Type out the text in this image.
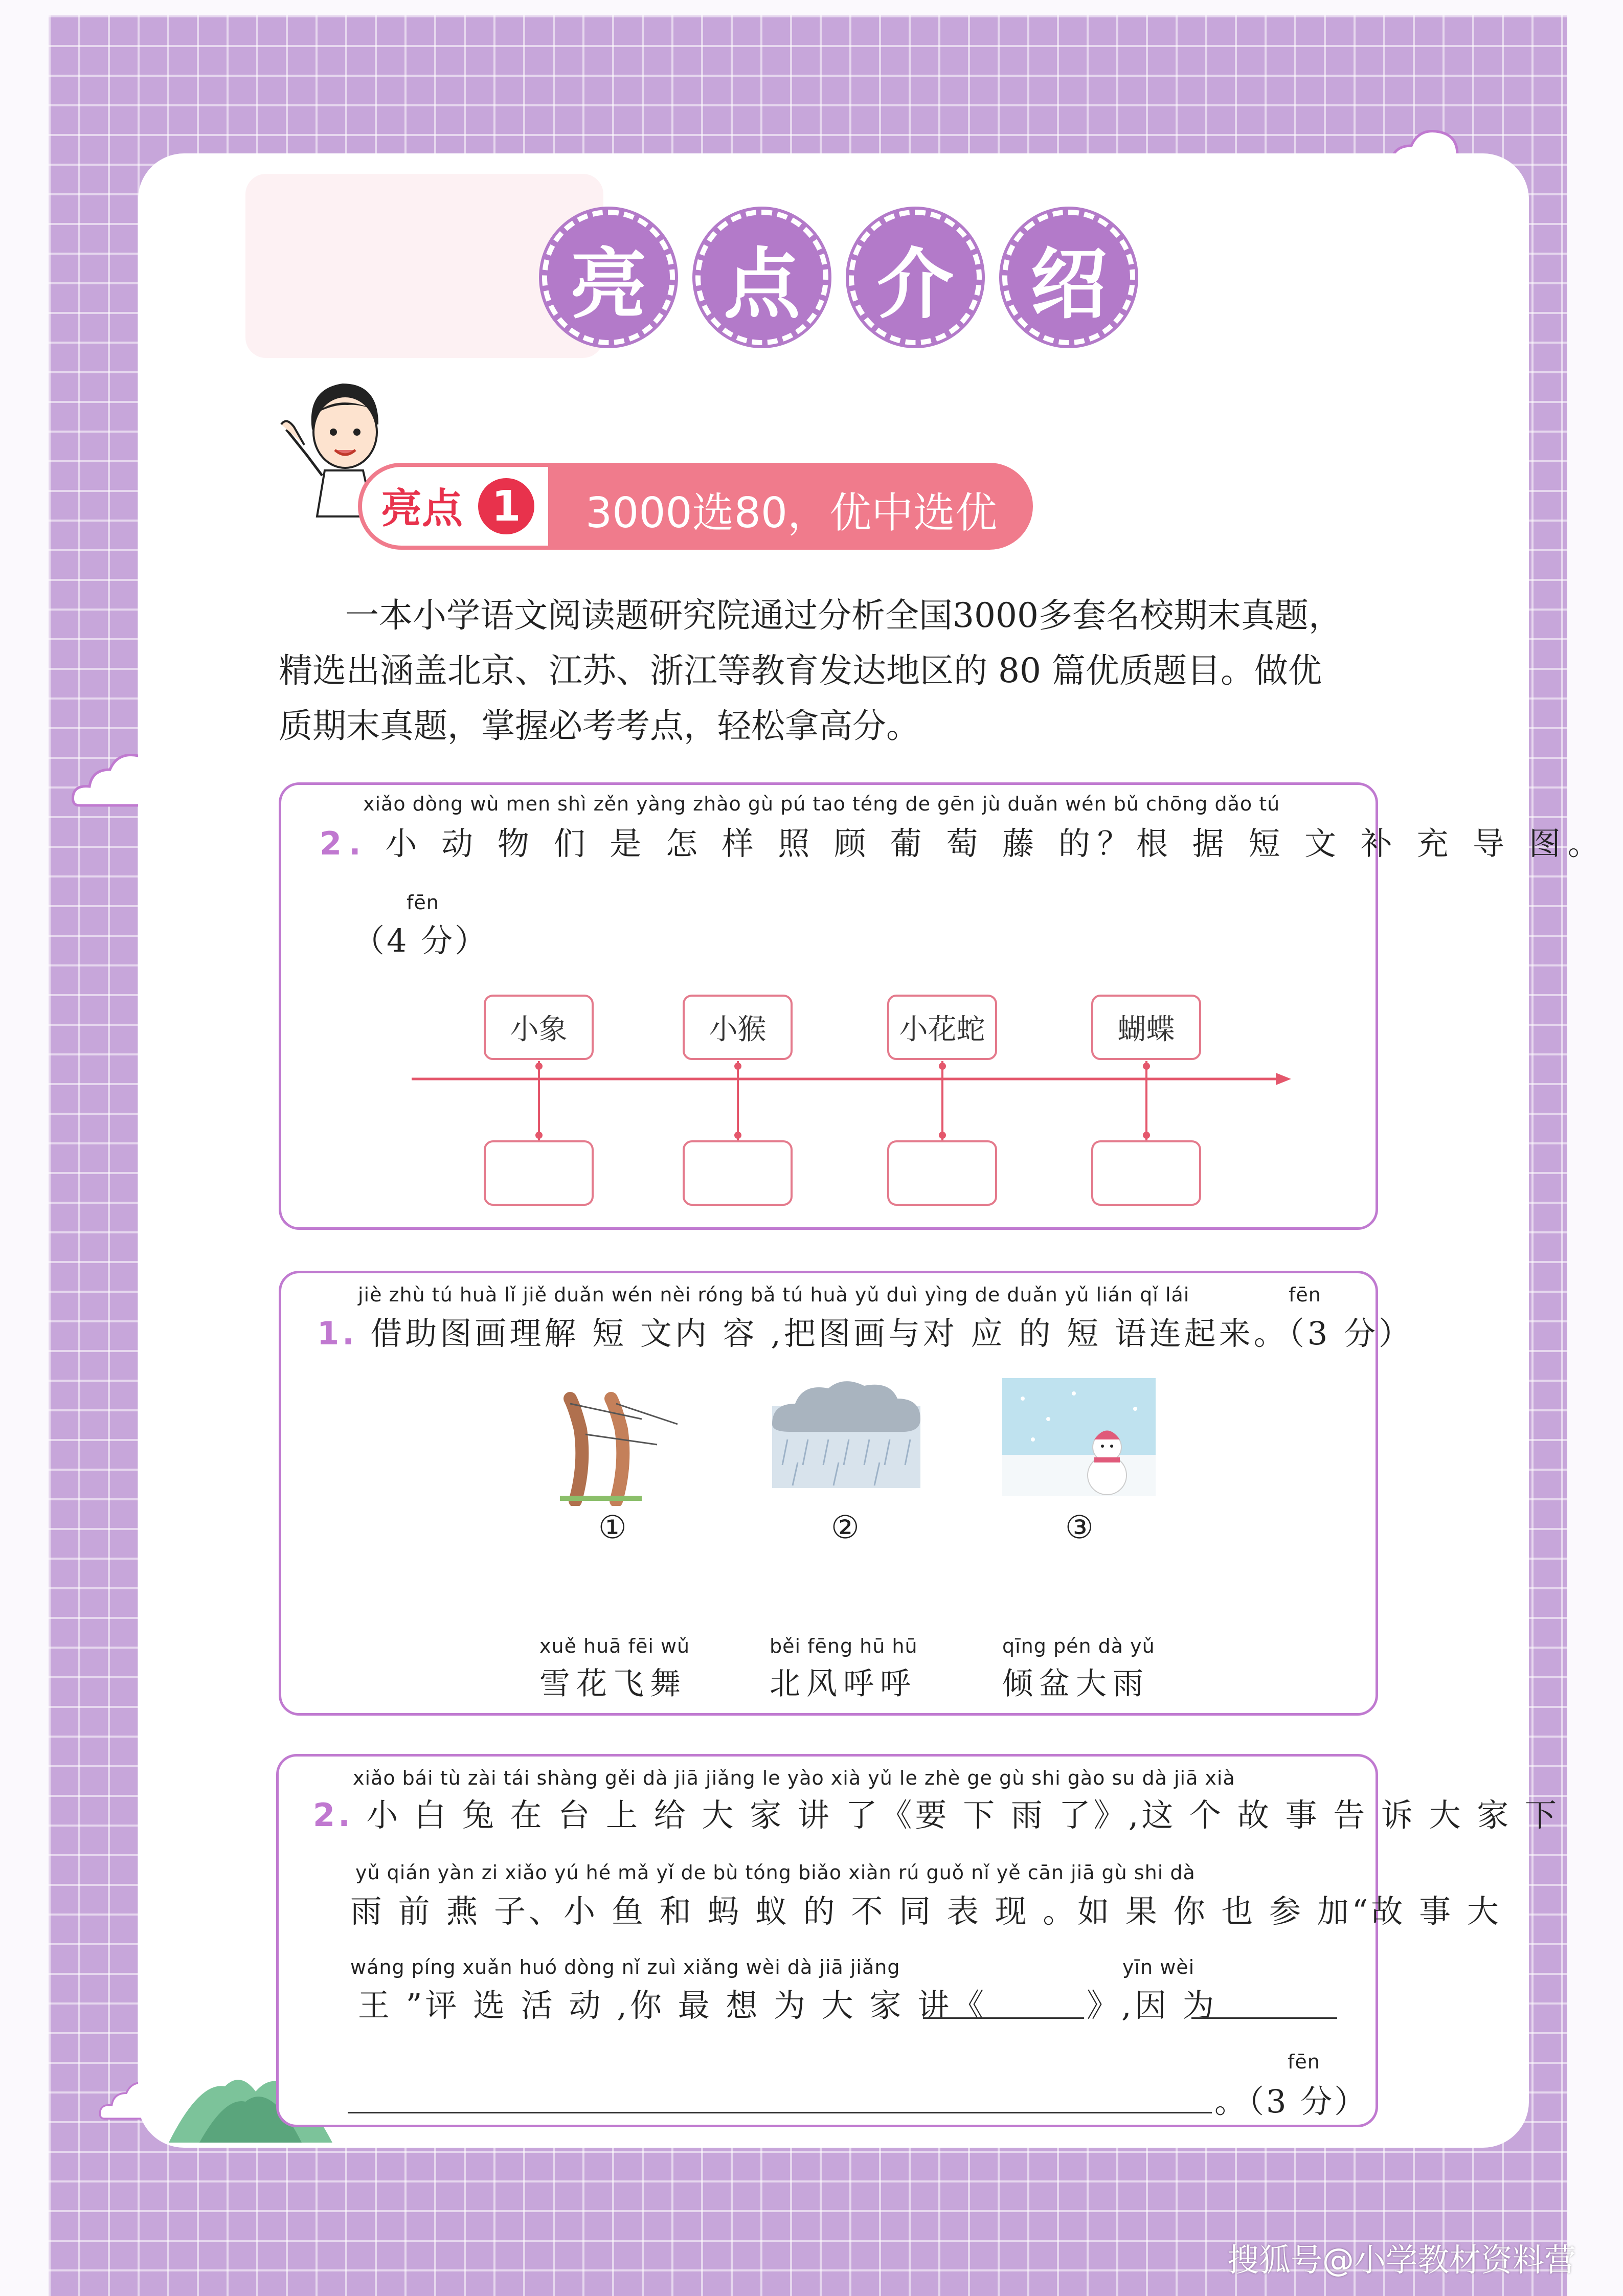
亮 点 介 绍
亮点 1	3000选80，优中选优

一本小学语文阅读题研究院通过分析全国3000多套名校期末真题，

精选出涵盖北京、江苏、浙江等教育发达地区的 80 篇优质题目。做优

质期末真题，掌握必考考点，轻松拿高分。

xiǎo dòng wù men shì zěn yàng zhào gù pú tao téng de gēn jù duǎn wén bǔ chōng dǎo tú
2. 小 动 物 们 是 怎 样 照 顾 葡 萄 藤 的？根 据 短 文 补 充 导 图。
fēn
（4 分）
小象	小猴	小花蛇	蝴蝶
jiè zhù tú huà lǐ jiě duǎn wén nèi róng bǎ tú huà yǔ duì yìng de duǎn yǔ lián qǐ lái	fēn
1. 借助图画理解 短 文内 容 ,把图画与对 应 的 短 语连起来。（3 分）
①	②	③
xuě huā fēi wǔ
雪花飞舞
běi fēng hū hū
北风呼呼
qīng pén dà yǔ
倾盆大雨
xiǎo bái tù zài tái shàng gěi dà jiā jiǎng le yào xià yǔ le zhè ge gù shi gào su dà jiā xià
2. 小 白 兔 在 台 上 给 大 家 讲 了《要 下 雨 了》,这 个 故 事 告 诉 大 家 下
yǔ qián yàn zi xiǎo yú hé mǎ yǐ de bù tóng biǎo xiàn rú guǒ nǐ yě cān jiā gù shi dà
雨 前 燕 子、小 鱼 和 蚂 蚁 的 不 同 表 现 。如 果 你 也 参 加“故 事 大
wáng píng xuǎn huó dòng nǐ zuì xiǎng wèi dà jiā jiǎng	yīn wèi
王 ”评 选 活 动 ,你 最 想 为 大 家 讲《	》,因 为
fēn
。（3 分）
搜狐号@小学教材资料营
